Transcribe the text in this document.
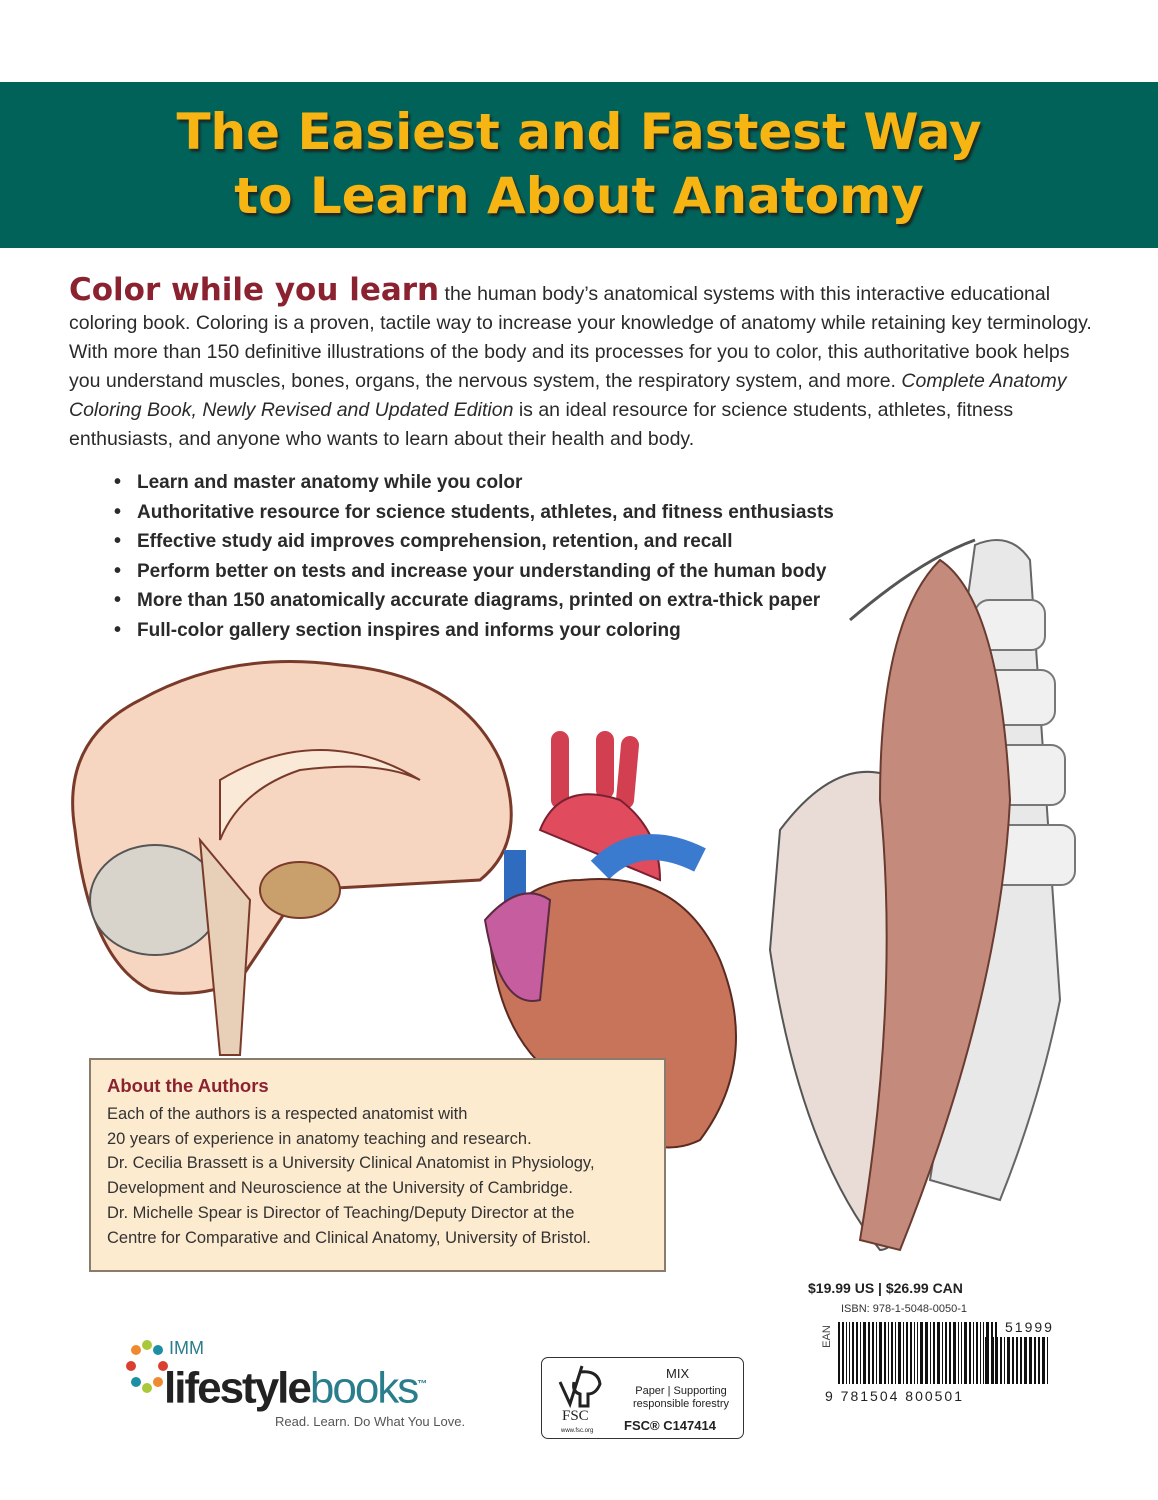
The Easiest and Fastest Way
to Learn About Anatomy

Color while you learn the human body’s anatomical systems with this interactive educational coloring book. Coloring is a proven, tactile way to increase your knowledge of anatomy while retaining key terminology. With more than 150 definitive illustrations of the body and its processes for you to color, this authoritative book helps you understand muscles, bones, organs, the nervous system, the respiratory system, and more. Complete Anatomy Coloring Book, Newly Revised and Updated Edition is an ideal resource for science students, athletes, fitness enthusiasts, and anyone who wants to learn about their health and body.

• Learn and master anatomy while you color
• Authoritative resource for science students, athletes, and fitness enthusiasts
• Effective study aid improves comprehension, retention, and recall
• Perform better on tests and increase your understanding of the human body
• More than 150 anatomically accurate diagrams, printed on extra-thick paper
• Full-color gallery section inspires and informs your coloring
About the Authors
Each of the authors is a respected anatomist with
20 years of experience in anatomy teaching and research.
Dr. Cecilia Brassett is a University Clinical Anatomist in Physiology,
Development and Neuroscience at the University of Cambridge.
Dr. Michelle Spear is Director of Teaching/Deputy Director at the
Centre for Comparative and Clinical Anatomy, University of Bristol.
$19.99 US | $26.99 CAN
ISBN: 978-1-5048-0050-1
EAN
9 781504 800501
51999
IMM
lifestylebooks™
Read. Learn. Do What You Love.	FSC
www.fsc.org
MIX
Paper | Supporting responsible forestry
FSC® C147414
